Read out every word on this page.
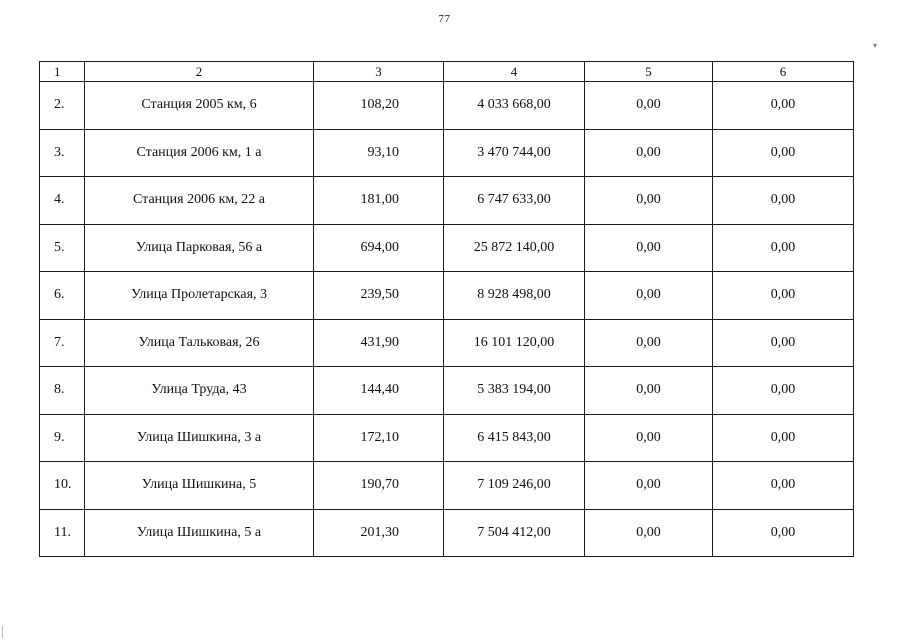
77
▾
1	2	3	4	5	6
2.	Станция 2005 км, 6	108,20	4 033 668,00	0,00	0,00
3.	Станция 2006 км, 1 а	93,10	3 470 744,00	0,00	0,00
4.	Станция 2006 км, 22 а	181,00	6 747 633,00	0,00	0,00
5.	Улица Парковая, 56 а	694,00	25 872 140,00	0,00	0,00
6.	Улица Пролетарская, 3	239,50	8 928 498,00	0,00	0,00
7.	Улица Тальковая, 26	431,90	16 101 120,00	0,00	0,00
8.	Улица Труда, 43	144,40	5 383 194,00	0,00	0,00
9.	Улица Шишкина, 3 а	172,10	6 415 843,00	0,00	0,00
10.	Улица Шишкина, 5	190,70	7 109 246,00	0,00	0,00
11.	Улица Шишкина, 5 а	201,30	7 504 412,00	0,00	0,00
